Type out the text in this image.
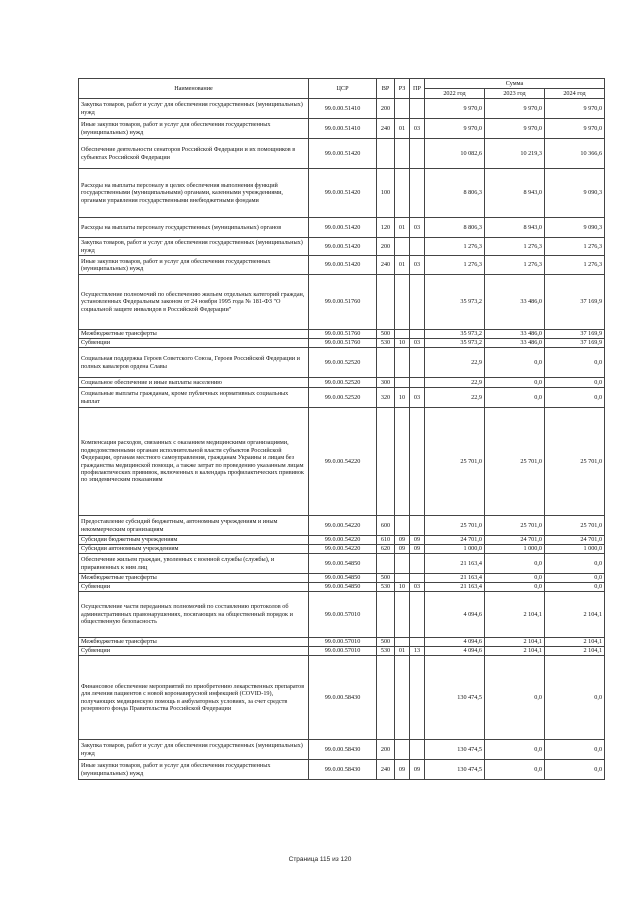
Наименование	ЦСР	ВР	РЗ	ПР	Сумма		
					2022 год	2023 год	2024 год
Закупка товаров, работ и услуг для обеспечения государственных (муниципальных) нужд	99.0.00.51410	200			9 970,0	9 970,0	9 970,0
Иные закупки товаров, работ и услуг для обеспечения государственных (муниципальных) нужд	99.0.00.51410	240	01	03	9 970,0	9 970,0	9 970,0
Обеспечение деятельности сенаторов Российской Федерации и их помощников в субъектах Российской Федерации	99.0.00.51420				10 082,6	10 219,3	10 366,6
Расходы на выплаты персоналу в целях обеспечения выполнения функций государственными (муниципальными) органами, казенными учреждениями, органами управления государственными внебюджетными фондами	99.0.00.51420	100			8 806,3	8 943,0	9 090,3
Расходы на выплаты персоналу государственных (муниципальных) органов	99.0.00.51420	120	01	03	8 806,3	8 943,0	9 090,3
Закупка товаров, работ и услуг для обеспечения государственных (муниципальных) нужд	99.0.00.51420	200			1 276,3	1 276,3	1 276,3
Иные закупки товаров, работ и услуг для обеспечения государственных (муниципальных) нужд	99.0.00.51420	240	01	03	1 276,3	1 276,3	1 276,3
Осуществление полномочий по обеспечению жильем отдельных категорий граждан, установленных Федеральным законом от 24 ноября 1995 года № 181-ФЗ "О социальной защите инвалидов в Российской Федерации"	99.0.00.51760				35 973,2	33 486,0	37 169,9
Межбюджетные трансферты	99.0.00.51760	500			35 973,2	33 486,0	37 169,9
Субвенции	99.0.00.51760	530	10	03	35 973,2	33 486,0	37 169,9
Социальная поддержка Героев Советского Союза, Героев Российской Федерации и полных кавалеров ордена Славы	99.0.00.52520				22,9	0,0	0,0
Социальное обеспечение и иные выплаты населению	99.0.00.52520	300			22,9	0,0	0,0
Социальные выплаты гражданам, кроме публичных нормативных социальных выплат	99.0.00.52520	320	10	03	22,9	0,0	0,0
Компенсация расходов, связанных с оказанием медицинскими организациями, подведомственными органам исполнительной власти субъектов Российской Федерации, органам местного самоуправления, гражданам Украины и лицам без гражданства медицинской помощи, а также затрат по проведению указанным лицам профилактических прививок, включенных в календарь профилактических прививок по эпидемическим показаниям	99.0.00.54220				25 701,0	25 701,0	25 701,0
Предоставление субсидий бюджетным, автономным учреждениям и иным некоммерческим организациям	99.0.00.54220	600			25 701,0	25 701,0	25 701,0
Субсидии бюджетным учреждениям	99.0.00.54220	610	09	09	24 701,0	24 701,0	24 701,0
Субсидии автономным учреждениям	99.0.00.54220	620	09	09	1 000,0	1 000,0	1 000,0
Обеспечение жильем граждан, уволенных с военной службы (службы), и приравненных к ним лиц	99.0.00.54850				21 163,4	0,0	0,0
Межбюджетные трансферты	99.0.00.54850	500			21 163,4	0,0	0,0
Субвенции	99.0.00.54850	530	10	03	21 163,4	0,0	0,0
Осуществление части переданных полномочий по составлению протоколов об административных правонарушениях, посягающих на общественный порядок и общественную безопасность	99.0.00.57010				4 094,6	2 104,1	2 104,1
Межбюджетные трансферты	99.0.00.57010	500			4 094,6	2 104,1	2 104,1
Субвенции	99.0.00.57010	530	01	13	4 094,6	2 104,1	2 104,1
Финансовое обеспечение мероприятий по приобретению лекарственных препаратов для лечения пациентов с новой коронавирусной инфекцией (COVID-19), получающих медицинскую помощь в амбулаторных условиях, за счет средств резервного фонда Правительства Российской Федерации	99.0.00.58430				130 474,5	0,0	0,0
Закупка товаров, работ и услуг для обеспечения государственных (муниципальных) нужд	99.0.00.58430	200			130 474,5	0,0	0,0
Иные закупки товаров, работ и услуг для обеспечения государственных (муниципальных) нужд	99.0.00.58430	240	09	09	130 474,5	0,0	0,0
Страница 115 из 120
